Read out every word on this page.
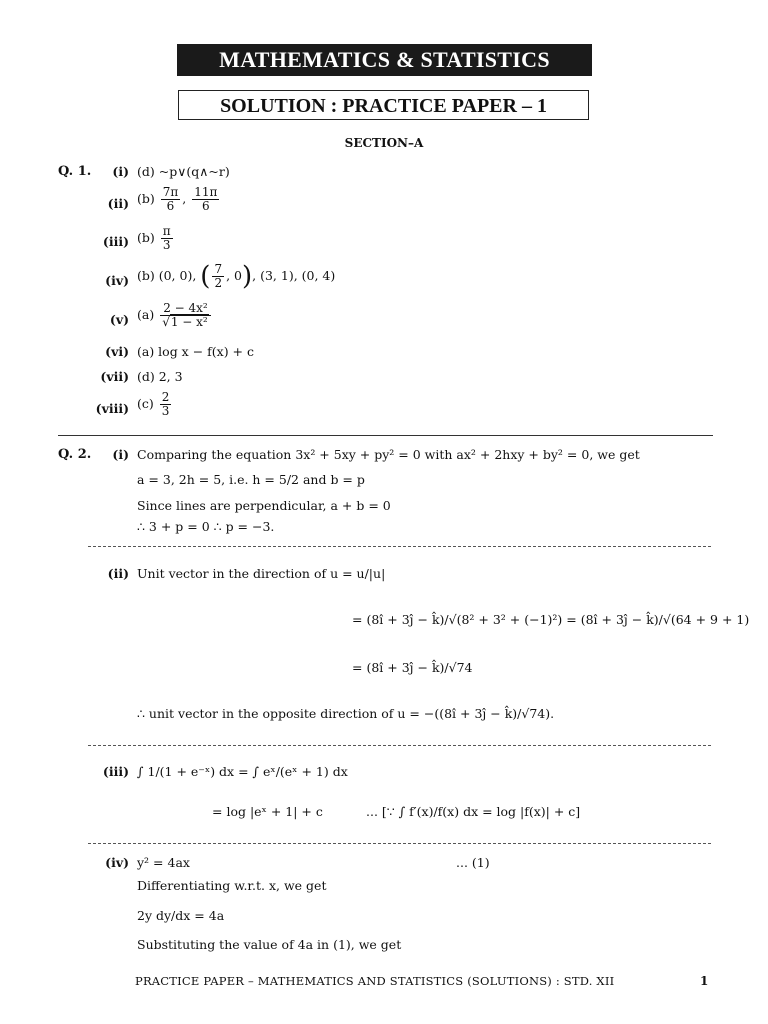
MATHEMATICS & STATISTICS
SOLUTION : PRACTICE PAPER – 1
SECTION–A
Q. 1.	(i) (d) ~p∨(q∧~r)
(ii) $(b) \frac{7\pi}{6}$ , $\frac{11\pi}{6}$
(iii) $(b) \frac{\pi}{3}$
(iv) (b) (0, 0), ( $\frac{7}{2}$ , 0), (3, 1), (0, 4)
(v) $(a) \frac{\text{2 − 4x²}}{\text{√1 − x²}}$
(vi) (a) log x − f(x) + c
(vii) (d) 2, 3
(viii) $(c) \frac{2}{3}$
Q. 2.	(i) Comparing the equation 3x² + 5xy + py² = 0 with ax² + 2hxy + by² = 0, we get
a = 3, 2h = 5, i.e. h = 5/2 and b = p
Since lines are perpendicular, a + b = 0
∴ 3 + p = 0 ∴ p = −3.
(ii) Unit vector in the direction of u = u/|u|
= (8î + 3ĵ − k̂)/√(8² + 3² + (−1)²) = (8î + 3ĵ − k̂)/√(64 + 9 + 1)
= (8î + 3ĵ − k̂)/√74
∴ unit vector in the opposite direction of u = −((8î + 3ĵ − k̂)/√74).
(iii) ∫ 1/(1 + e⁻ˣ) dx = ∫ eˣ/(eˣ + 1) dx
= log |eˣ + 1| + c	... [∵ ∫ f′(x)/f(x) dx = log |f(x)| + c]
(iv) y² = 4ax	... (1)
Differentiating w.r.t. x, we get
2y dy/dx = 4a
Substituting the value of 4a in (1), we get
PRACTICE PAPER – MATHEMATICS AND STATISTICS (SOLUTIONS) : STD. XII	1
